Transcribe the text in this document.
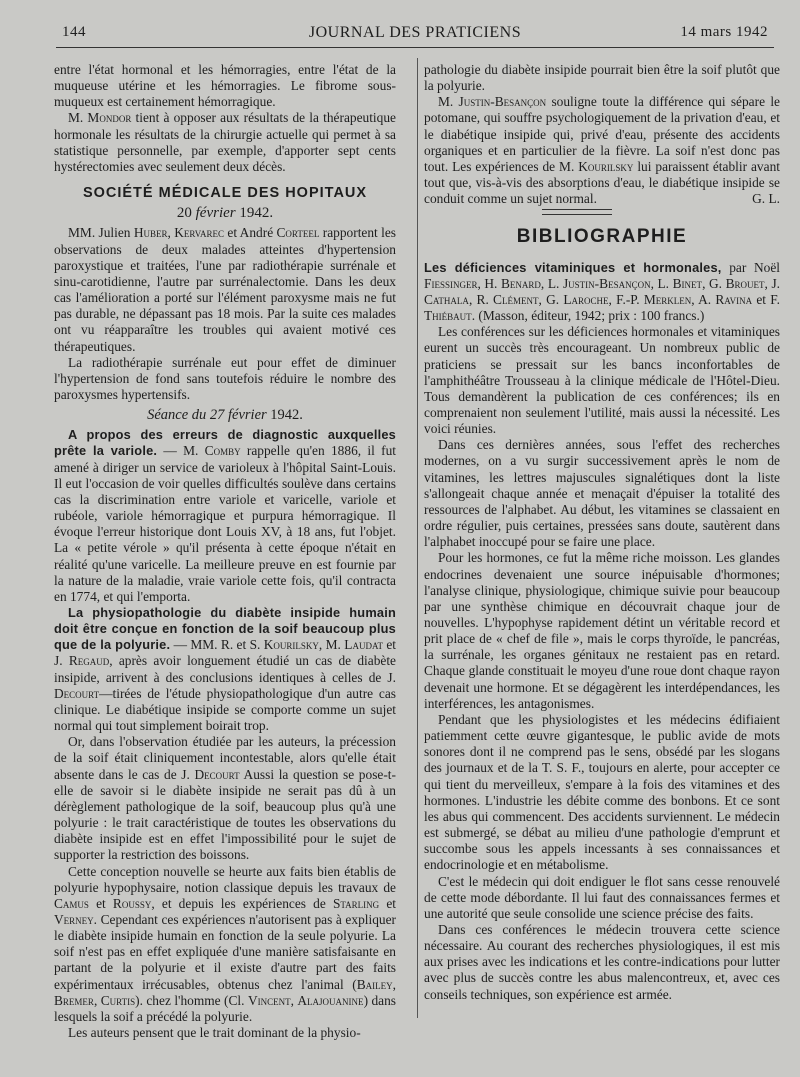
144	JOURNAL DES PRATICIENS	14 mars 1942

entre l'état hormonal et les hémorragies, entre l'état de la muqueuse utérine et les hémorragies. Le fibrome sous-muqueux est certainement hémorragique.

M. Mondor tient à opposer aux résultats de la thérapeutique hormonale les résultats de la chirurgie actuelle qui permet à sa statistique personnelle, par exemple, d'apporter sept cents hystérectomies avec seulement deux décès.

SOCIÉTÉ MÉDICALE DES HOPITAUX
20 février 1942.

MM. Julien Huber, Kervarec et André Corteel rapportent les observations de deux malades atteintes d'hypertension paroxystique et traitées, l'une par radiothérapie surrénale et sinu-carotidienne, l'autre par surrénalectomie. Dans les deux cas l'amélioration a porté sur l'élément paroxysme mais ne fut pas durable, ne dépassant pas 18 mois. Par la suite ces malades ont vu réapparaître les troubles qui avaient motivé ces thérapeutiques.

La radiothérapie surrénale eut pour effet de diminuer l'hypertension de fond sans toutefois réduire le nombre des paroxysmes hypertensifs.

Séance du 27 février 1942.

A propos des erreurs de diagnostic auxquelles prête la variole. — M. Comby rappelle qu'en 1886, il fut amené à diriger un service de varioleux à l'hôpital Saint-Louis. Il eut l'occasion de voir quelles difficultés soulève dans certains cas la discrimination entre variole et varicelle, variole et rubéole, variole hémorragique et purpura hémorragique. Il évoque l'erreur historique dont Louis XV, à 18 ans, fut l'objet. La « petite vérole » qu'il présenta à cette époque n'était en réalité qu'une varicelle. La meilleure preuve en est fournie par la nature de la maladie, vraie variole cette fois, qu'il contracta en 1774, et qui l'emporta.

La physiopathologie du diabète insipide humain doit être conçue en fonction de la soif beaucoup plus que de la polyurie. — MM. R. et S. Kourilsky, M. Laudat et J. Regaud, après avoir longuement étudié un cas de diabète insipide, arrivent à des conclusions identiques à celles de J. Decourt—tirées de l'étude physiopathologique d'un autre cas clinique. Le diabétique insipide se comporte comme un sujet normal qui tout simplement boirait trop.

Or, dans l'observation étudiée par les auteurs, la précession de la soif était cliniquement incontestable, alors qu'elle était absente dans le cas de J. Decourt Aussi la question se pose-t-elle de savoir si le diabète insipide ne serait pas dû à un dérèglement pathologique de la soif, beaucoup plus qu'à une polyurie : le trait caractéristique de toutes les observations du diabète insipide est en effet l'impossibilité pour le sujet de supporter la restriction des boissons.

Cette conception nouvelle se heurte aux faits bien établis de polyurie hypophysaire, notion classique depuis les travaux de Camus et Roussy, et depuis les expériences de Starling et Verney. Cependant ces expériences n'autorisent pas à expliquer le diabète insipide humain en fonction de la seule polyurie. La soif n'est pas en effet expliquée d'une manière satisfaisante en partant de la polyurie et il existe d'autre part des faits expérimentaux irrécusables, obtenus chez l'animal (Bailey, Bremer, Curtis). chez l'homme (Cl. Vincent, Alajouanine) dans lesquels la soif a précédé la polyurie.

Les auteurs pensent que le trait dominant de la physio-

pathologie du diabète insipide pourrait bien être la soif plutôt que la polyurie.

M. Justin-Besançon souligne toute la différence qui sépare le potomane, qui souffre psychologiquement de la privation d'eau, et le diabétique insipide qui, privé d'eau, présente des accidents organiques et en particulier de la fièvre. La soif n'est donc pas tout. Les expériences de M. Kourilsky lui paraissent établir avant tout que, vis-à-vis des absorptions d'eau, le diabétique insipide se conduit comme un sujet normal.	G. L.

BIBLIOGRAPHIE

Les déficiences vitaminiques et hormonales, par Noël Fiessinger, H. Benard, L. Justin-Besançon, L. Binet, G. Brouet, J. Cathala, R. Clément, G. Laroche, F.-P. Merklen, A. Ravina et F. Thiébaut. (Masson, éditeur, 1942; prix : 100 francs.)

Les conférences sur les déficiences hormonales et vitaminiques eurent un succès très encourageant. Un nombreux public de praticiens se pressait sur les bancs inconfortables de l'amphithéâtre Trousseau à la clinique médicale de l'Hôtel-Dieu. Tous demandèrent la publication de ces conférences; ils en comprenaient non seulement l'utilité, mais aussi la nécessité. Les voici réunies.

Dans ces dernières années, sous l'effet des recherches modernes, on a vu surgir successivement après le nom de vitamines, les lettres majuscules signalétiques dont la liste s'allongeait chaque année et menaçait d'épuiser la totalité des ressources de l'alphabet. Au début, les vitamines se classaient en ordre régulier, puis certaines, pressées sans doute, sautèrent dans l'alphabet inoccupé pour se faire une place.

Pour les hormones, ce fut la même riche moisson. Les glandes endocrines devenaient une source inépuisable d'hormones; l'analyse clinique, physiologique, chimique suivie pour beaucoup par une synthèse chimique en découvrait chaque jour de nouvelles. L'hypophyse rapidement détint un véritable record et prit place de « chef de file », mais le corps thyroïde, le pancréas, la surrénale, les organes génitaux ne restaient pas en retard. Chaque glande constituait le moyeu d'une roue dont chaque rayon devenait une hormone. Et se dégagèrent les interdépendances, les interférences, les antagonismes.

Pendant que les physiologistes et les médecins édifiaient patiemment cette œuvre gigantesque, le public avide de mots sonores dont il ne comprend pas le sens, obsédé par les slogans des journaux et de la T. S. F., toujours en alerte, pour accepter ce qui tient du merveilleux, s'empare à la fois des vitamines et des hormones. L'industrie les débite comme des bonbons. Et ce sont les abus qui commencent. Des accidents surviennent. Le médecin est submergé, se débat au milieu d'une pathologie d'emprunt et succombe sous les appels incessants à ses connaissances et endocrinologie et en métabolisme.

C'est le médecin qui doit endiguer le flot sans cesse renouvelé de cette mode débordante. Il lui faut des connaissances fermes et une autorité que seule consolide une science précise des faits.

Dans ces conférences le médecin trouvera cette science nécessaire. Au courant des recherches physiologiques, il est mis aux prises avec les indications et les contre-indications pour lutter avec plus de succès contre les abus malencontreux, et, avec ces conseils techniques, son expérience est armée.
